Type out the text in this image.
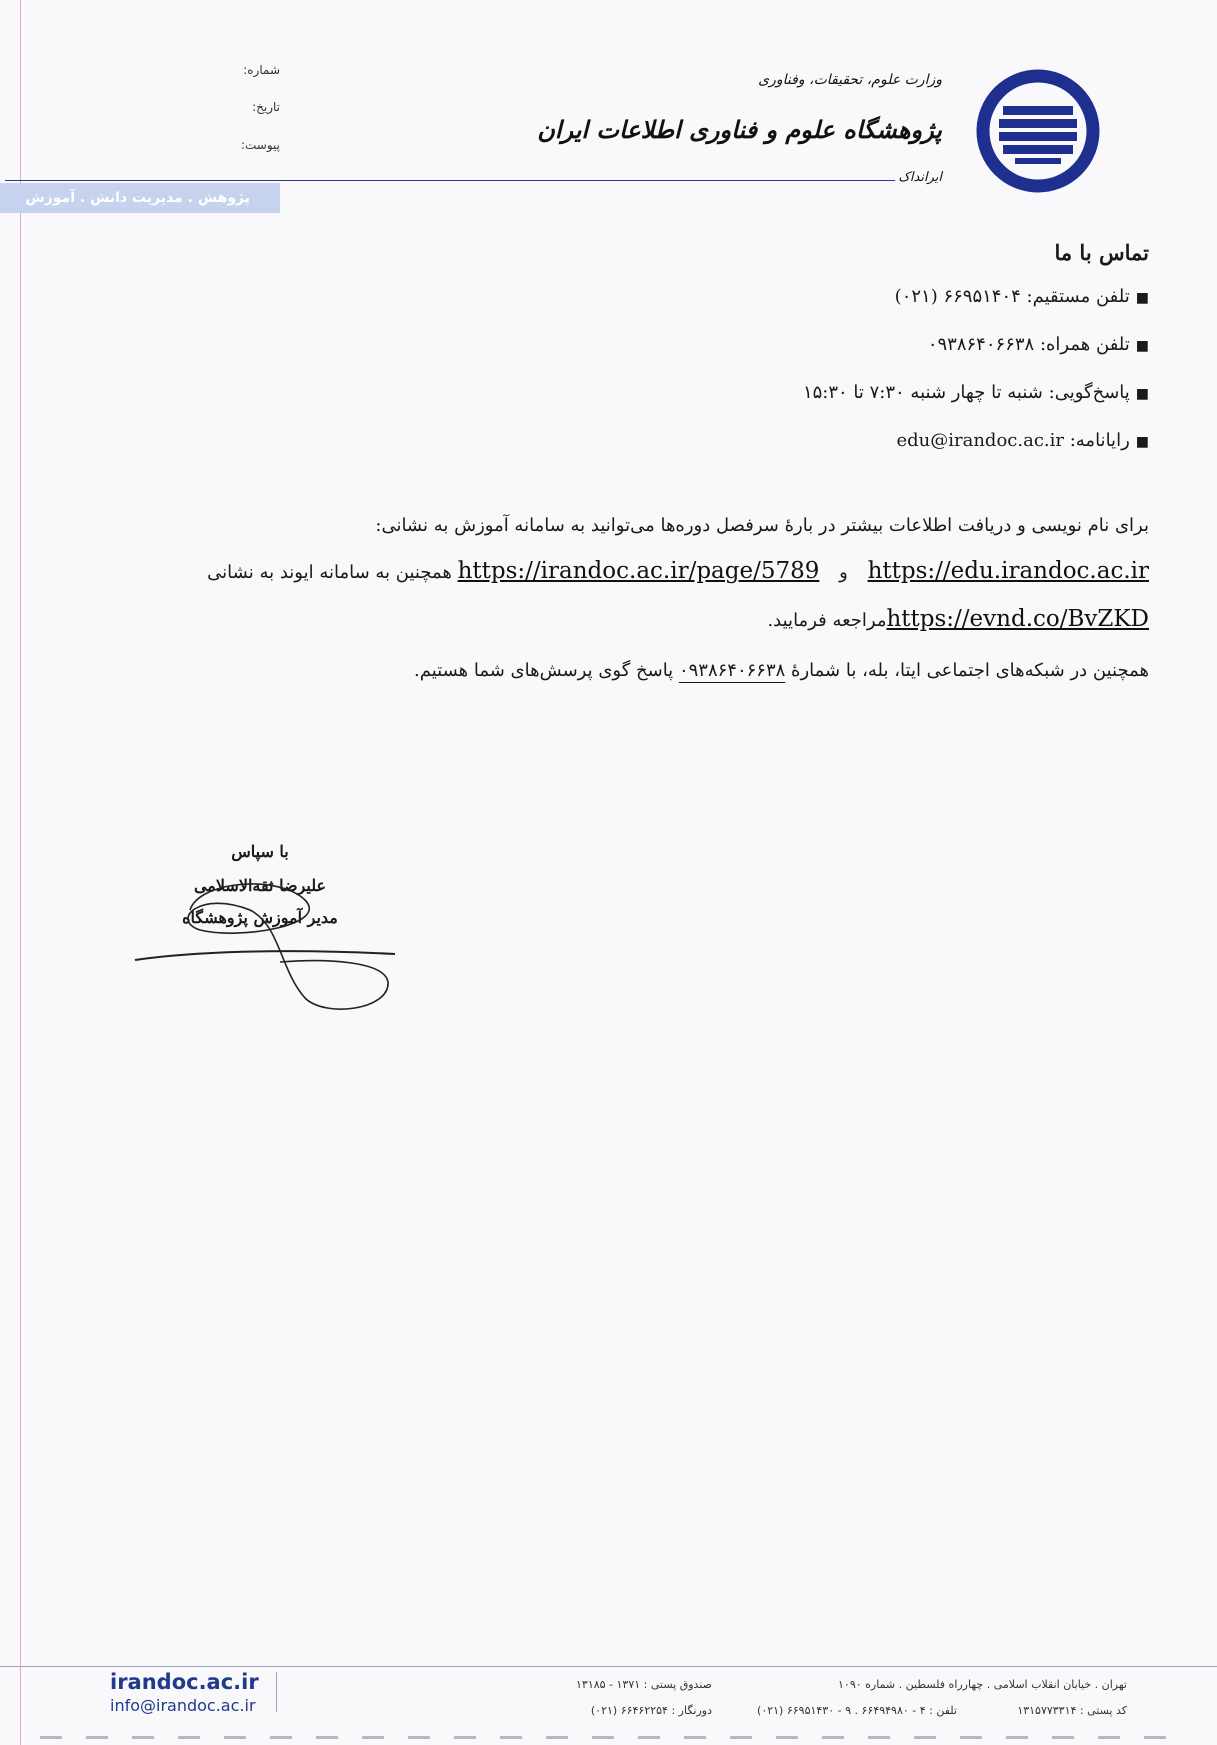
شماره:
تاریخ:
پیوست:
وزارت علوم، تحقیقات، وفناوری
پژوهشگاه علوم و فناوری اطلاعات ایران
ایرانداک
پژوهش . مدیریت دانش . آموزش
تماس با ما
■تلفن مستقیم: ۶۶۹۵۱۴۰۴ (۰۲۱)
■تلفن همراه: ۰۹۳۸۶۴۰۶۶۳۸
■پاسخ‌گویی: شنبه تا چهار شنبه ۷:۳۰ تا ۱۵:۳۰
■رایانامه: edu@irandoc.ac.ir
برای نام نویسی و دریافت اطلاعات بیشتر در بارهٔ سرفصل دوره‌ها می‌توانید به سامانه آموزش به نشانی:
https://edu.irandoc.ac.ir و https://irandoc.ac.ir/page/5789 همچنین به سامانه ایوند به نشانی
https://evnd.co/BvZKDمراجعه فرمایید.
همچنین در شبکه‌های اجتماعی ایتا، بله، با شمارهٔ ۰۹۳۸۶۴۰۶۶۳۸ پاسخ گوی پرسش‌های شما هستیم.
با سپاس
علیرضا ثقه‌الاسلامی
مدیر آموزش پژوهشگاه
irandoc.ac.ir
info@irandoc.ac.ir
تهران . خیابان انقلاب اسلامی . چهارراه فلسطین . شماره ۱۰۹۰
صندوق پستی : ۱۳۷۱ - ۱۳۱۸۵
کد پستی : ۱۳۱۵۷۷۳۳۱۴
تلفن : ۴ - ۶۶۴۹۴۹۸۰ . ۹ - ۶۶۹۵۱۴۳۰ (۰۲۱)
دورنگار : ۶۶۴۶۲۲۵۴ (۰۲۱)
